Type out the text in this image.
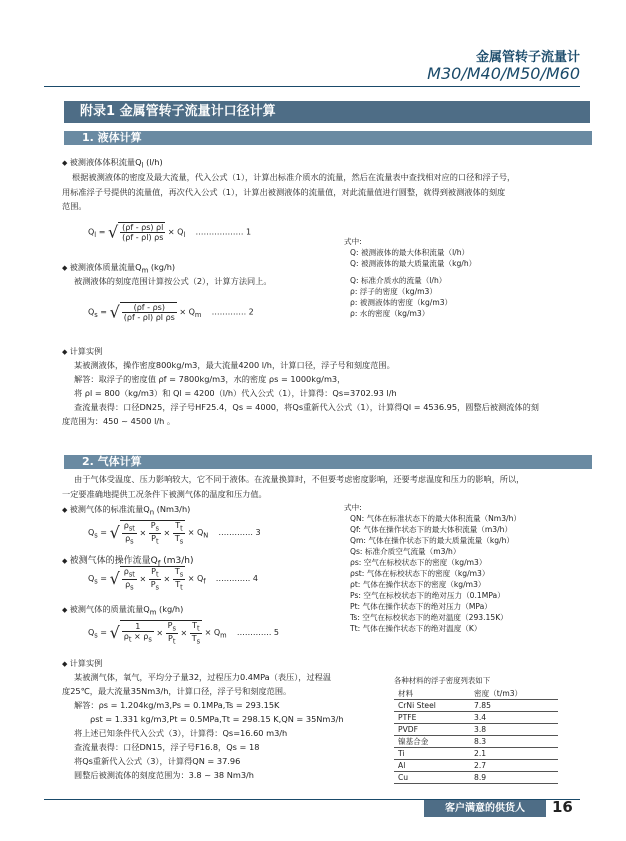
金属管转子流量计
M30/M40/M50/M60
附录1 金属管转子流量计口径计算
1. 液体计算
◆ 被测液体体积流量$Q_l$ (l/h)
根据被测液体的密度及最大流量，代入公式（1），计算出标准介质水的流量，然后在流量表中查找相对应的口径和浮子号，
用标准浮子号提供的流量值，再次代入公式（1），计算出被测液体的流量值，对此流量值进行圆整，就得到被测液体的刻度
范围。
$Q_l$ = √ $\frac{(\rho f - \rho s) \rho l}{(\rho f - \rho l) \rho s} \times Q_l$ ……………… 1
◆ 被测液体质量流量$Q_m$ (kg/h)
被测液体的刻度范围计算按公式（2），计算方法同上。
$Q_s$ = √ $\frac{(\rho f - \rho s)}{\text{(ρf - ρl) ρl ρs}} \times Q_m$ …………. 2
式中:
Q: 被测液体的最大体积流量（l/h）
Q: 被测液体的最大质量流量（kg/h）
Q: 标准介质水的流量（l/h）
ρ: 浮子的密度（kg/m3）
ρ: 被测液体的密度（kg/m3）
ρ: 水的密度（kg/m3）
◆ 计算实例
某被测液体，操作密度800kg/m3，最大流量4200 l/h，计算口径，浮子号和刻度范围。
解答：取浮子的密度值 ρf = 7800kg/m3，水的密度 ρs = 1000kg/m3，
将 ρl = 800（kg/m3）和 Ql = 4200（l/h）代入公式（1），计算得：Qs=3702.93 l/h
查流量表得：口径DN25，浮子号HF25.4，Qs = 4000，将Qs重新代入公式（1），计算得Ql = 4536.95，圆整后被测流体的刻
度范围为：450 ~ 4500 l/h 。
2. 气体计算
由于气体受温度、压力影响较大，它不同于液体。在流量换算时，不但要考虑密度影响，还要考虑温度和压力的影响，所以，
一定要准确地提供工况条件下被测气体的温度和压力值。
◆ 被测气体的标准流量$Q_n$ (Nm3/h)
$Q_s$ = √ $\frac{\rho_{st}}{\rho_s} \times \frac{P_s}{P_t} \times \frac{T_t}{T_s} \times Q_N$ …………. 3
◆ 被测气体的操作流量$Q_f$ (m3/h)
$Q_s$ = √ $\frac{\rho_{st}}{\rho_s} \times \frac{P_t}{P_s} \times \frac{T_s}{T_t} \times Q_f$ …………. 4
◆ 被测气体的质量流量$Q_m$ (kg/h)
$Q_s$ = √ $\frac{1}{\rho_t \times \rho_s} \times \frac{P_s}{P_t} \times \frac{T_t}{T_s} \times Q_m$ …………. 5
式中:
QN: 气体在标准状态下的最大体积流量（Nm3/h）
Qf: 气体在操作状态下的最大体积流量（m3/h）
Qm: 气体在操作状态下的最大质量流量（kg/h）
Qs: 标准介质空气流量（m3/h）
ρs: 空气在标校状态下的密度（kg/m3）
ρst: 气体在标校状态下的密度（kg/m3）
ρt: 气体在操作状态下的密度（kg/m3）
Ps: 空气在标校状态下的绝对压力（0.1MPa）
Pt: 气体在操作状态下的绝对压力（MPa）
Ts: 空气在标校状态下的绝对温度（293.15K）
Tt: 气体在操作状态下的绝对温度（K）
◆ 计算实例
某被测气体，氧气，平均分子量32，过程压力0.4MPa（表压），过程温
度25℃，最大流量35Nm3/h，计算口径，浮子号和刻度范围。
解答：ρs = 1.204kg/m3,Ps = 0.1MPa,Ts = 293.15K
ρst = 1.331 kg/m3,Pt = 0.5MPa,Tt = 298.15 K,QN = 35Nm3/h
将上述已知条件代入公式（3），计算得：Qs=16.60 m3/h
查流量表得：口径DN15，浮子号F16.8，Qs = 18
将Qs重新代入公式（3），计算得QN = 37.96
圆整后被测流体的刻度范围为：3.8 ~ 38 Nm3/h
各种材料的浮子密度列表如下
材料	密度（t/m3）
CrNi Steel	7.85
PTFE	3.4
PVDF	3.8
镍基合金	8.3
Ti	2.1
Al	2.7
Cu	8.9
客户满意的供货人	16
